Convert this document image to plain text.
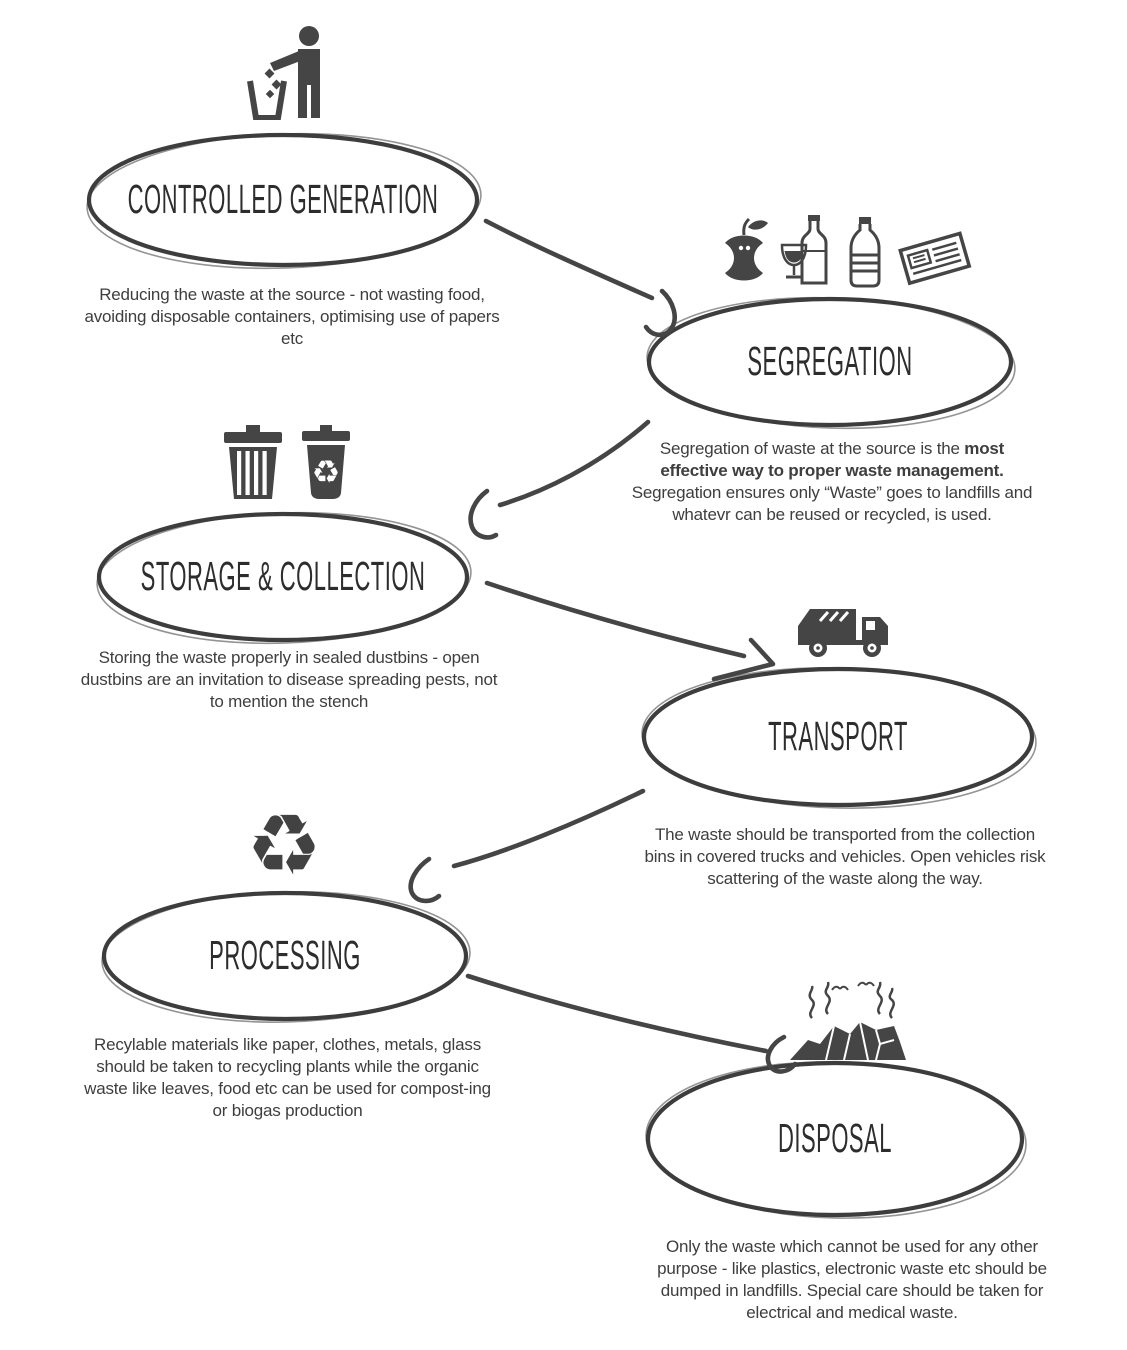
CONTROLLED GENERATION
Reducing the waste at the source - not wasting food, avoiding disposable containers, optimising use of papers etc	SEGREGATION
Segregation of waste at the source is the most effective way to proper waste management. Segregation ensures only “Waste” goes to landfills and whatevr can be reused or recycled, is used.
♻
STORAGE & COLLECTION
Storing the waste properly in sealed dustbins - open dustbins are an invitation to disease spreading pests, not to mention the stench
TRANSPORT
The waste should be transported from the collection bins in covered trucks and vehicles. Open vehicles risk scattering of the waste along the way.
♻
PROCESSING
Recylable materials like paper, clothes, metals, glass should be taken to recycling plants while the organic waste like leaves, food etc can be used for compost-ing or biogas production
DISPOSAL
Only the waste which cannot be used for any other purpose - like plastics, electronic waste etc should be dumped in landfills. Special care should be taken for electrical and medical waste.
